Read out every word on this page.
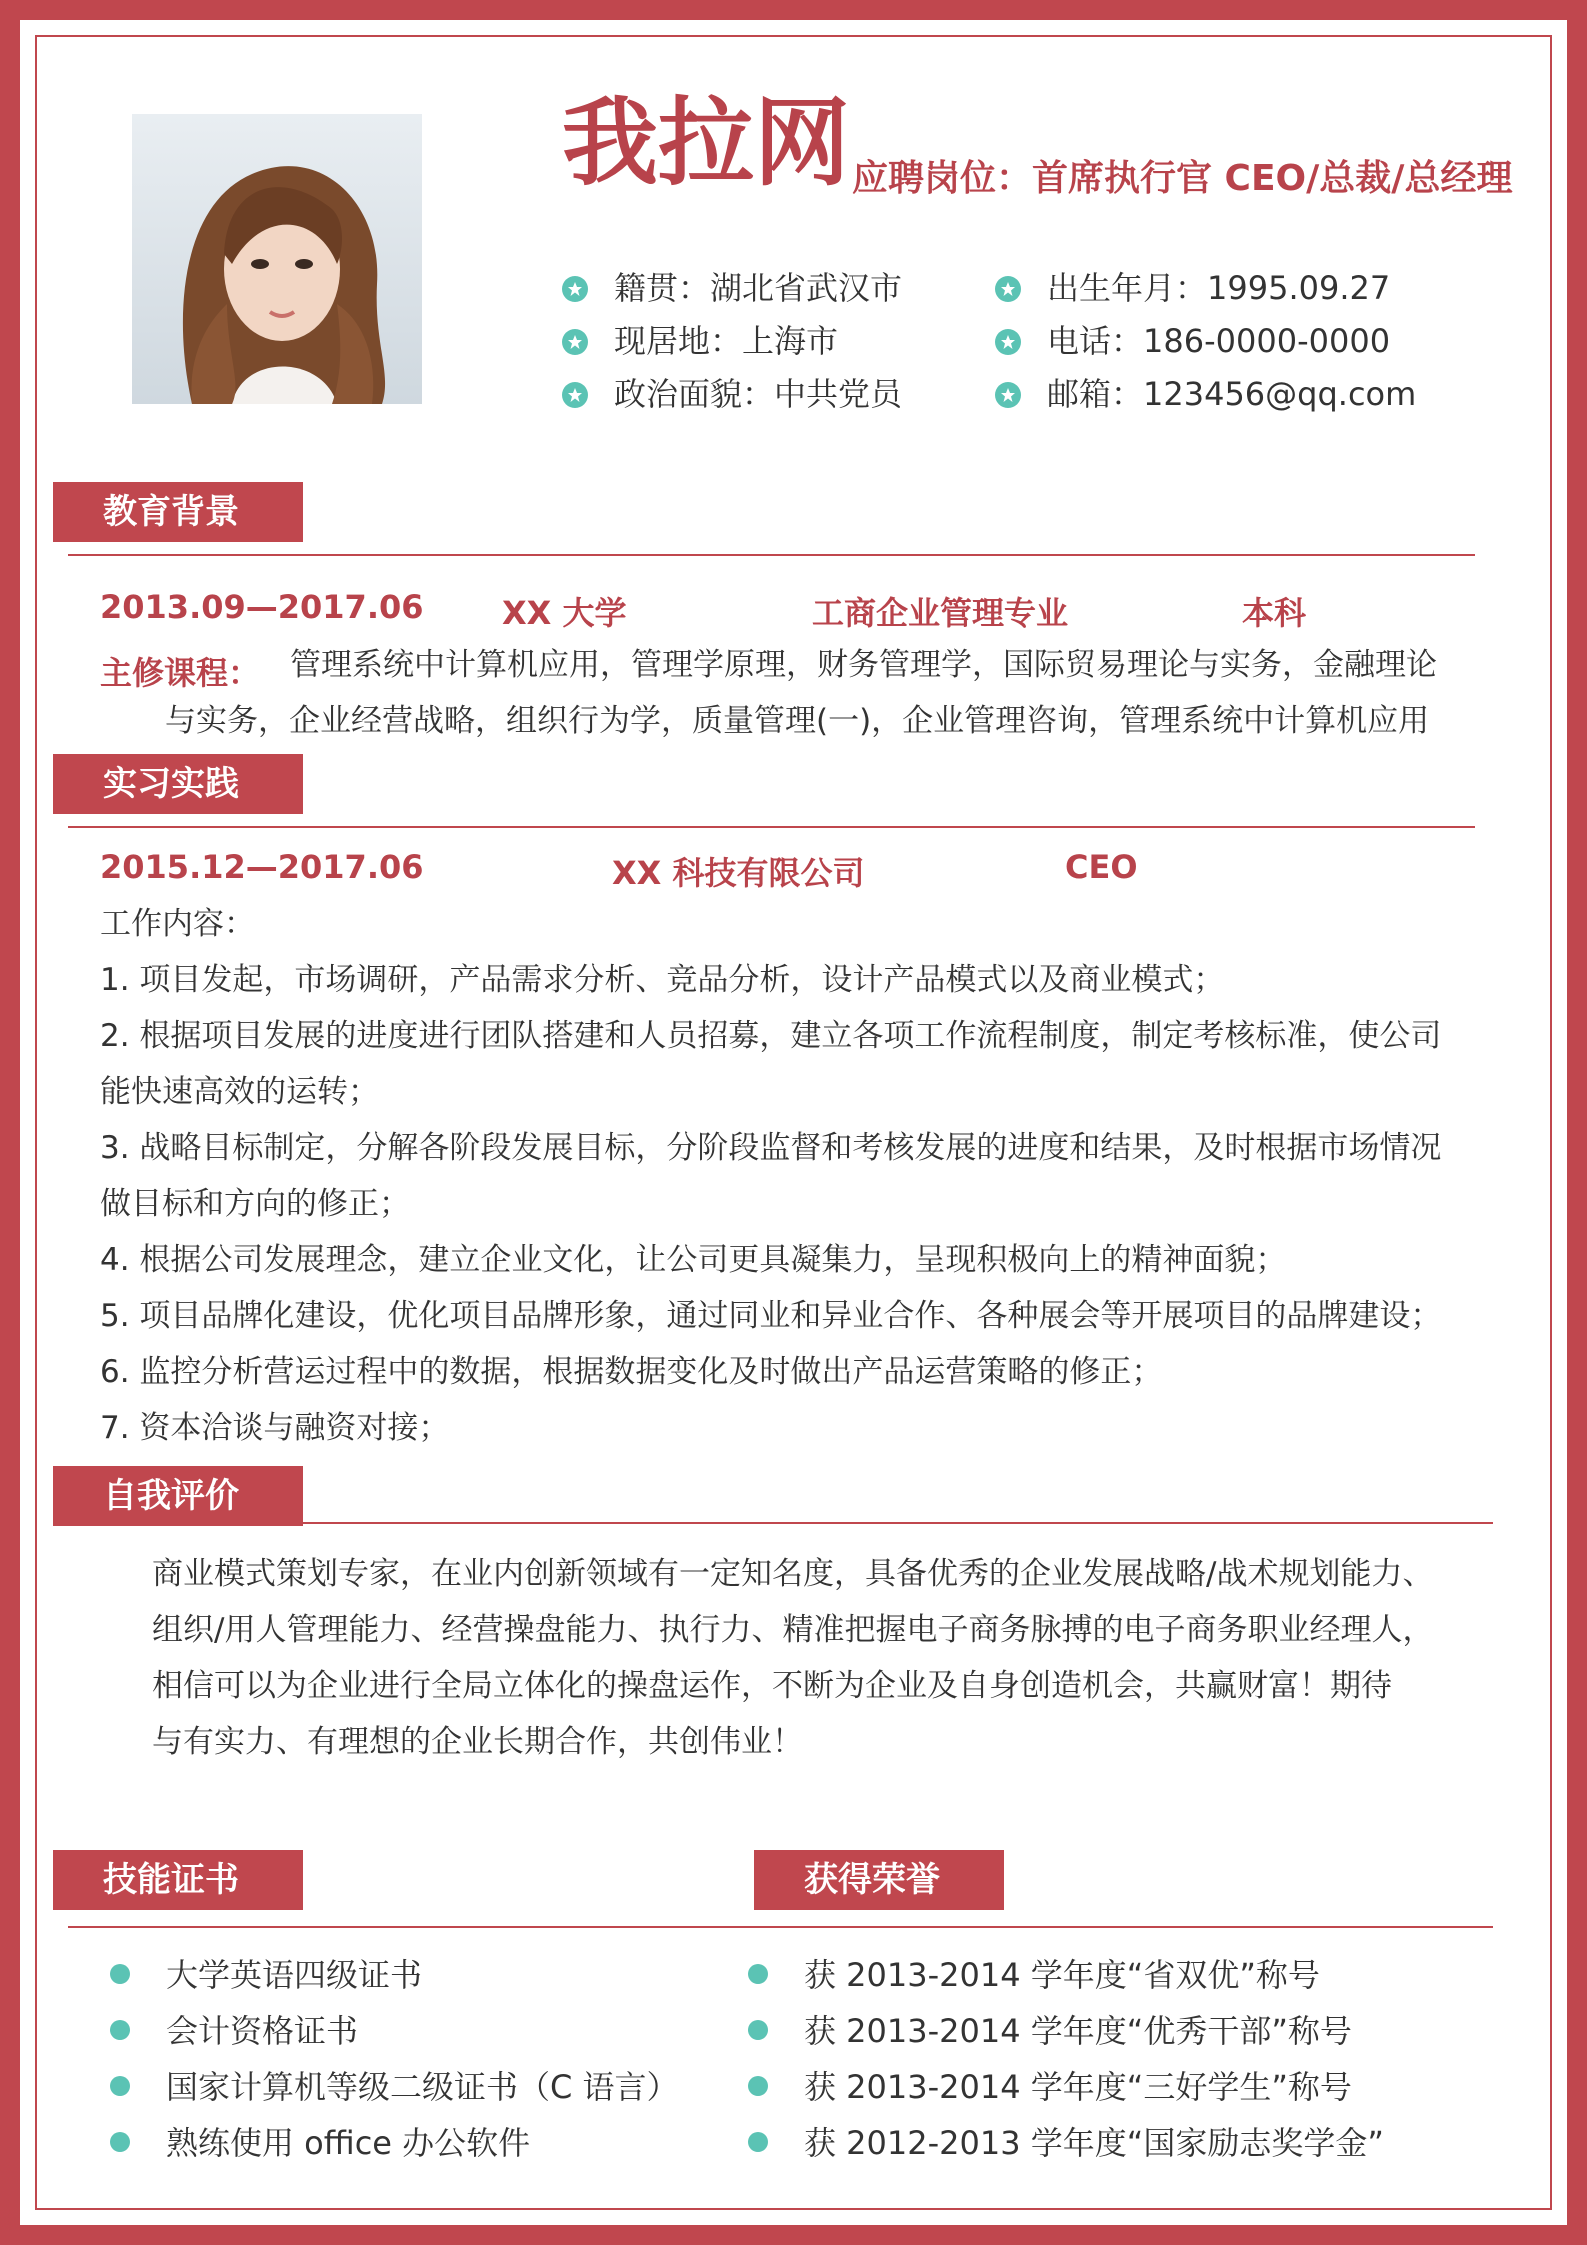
我拉网 应聘岗位：首席执行官 CEO/总裁/总经理
籍贯：湖北省武汉市
现居地：上海市
政治面貌：中共党员
出生年月：1995.09.27
电话：186-0000-0000
邮箱：123456@qq.com
教育背景
2013.09—2017.06 XX 大学	工商企业管理专业	本科
主修课程： 管理系统中计算机应用，管理学原理，财务管理学，国际贸易理论与实务，金融理论
与实务，企业经营战略，组织行为学，质量管理(一)，企业管理咨询，管理系统中计算机应用
实习实践
2015.12—2017.06	XX 科技有限公司	CEO
工作内容：
1. 项目发起，市场调研，产品需求分析、竞品分析，设计产品模式以及商业模式；
2. 根据项目发展的进度进行团队搭建和人员招募，建立各项工作流程制度，制定考核标准，使公司
能快速高效的运转；
3. 战略目标制定，分解各阶段发展目标，分阶段监督和考核发展的进度和结果，及时根据市场情况
做目标和方向的修正；
4. 根据公司发展理念，建立企业文化，让公司更具凝集力，呈现积极向上的精神面貌；
5. 项目品牌化建设，优化项目品牌形象，通过同业和异业合作、各种展会等开展项目的品牌建设；
6. 监控分析营运过程中的数据，根据数据变化及时做出产品运营策略的修正；
7. 资本洽谈与融资对接；
自我评价
商业模式策划专家，在业内创新领域有一定知名度，具备优秀的企业发展战略/战术规划能力、
组织/用人管理能力、经营操盘能力、执行力、精准把握电子商务脉搏的电子商务职业经理人，
相信可以为企业进行全局立体化的操盘运作，不断为企业及自身创造机会，共赢财富！期待
与有实力、有理想的企业长期合作，共创伟业！
技能证书	获得荣誉
大学英语四级证书
会计资格证书
国家计算机等级二级证书（C 语言）
熟练使用 office 办公软件
获 2013-2014 学年度“省双优”称号
获 2013-2014 学年度“优秀干部”称号
获 2013-2014 学年度“三好学生”称号
获 2012-2013 学年度“国家励志奖学金”
